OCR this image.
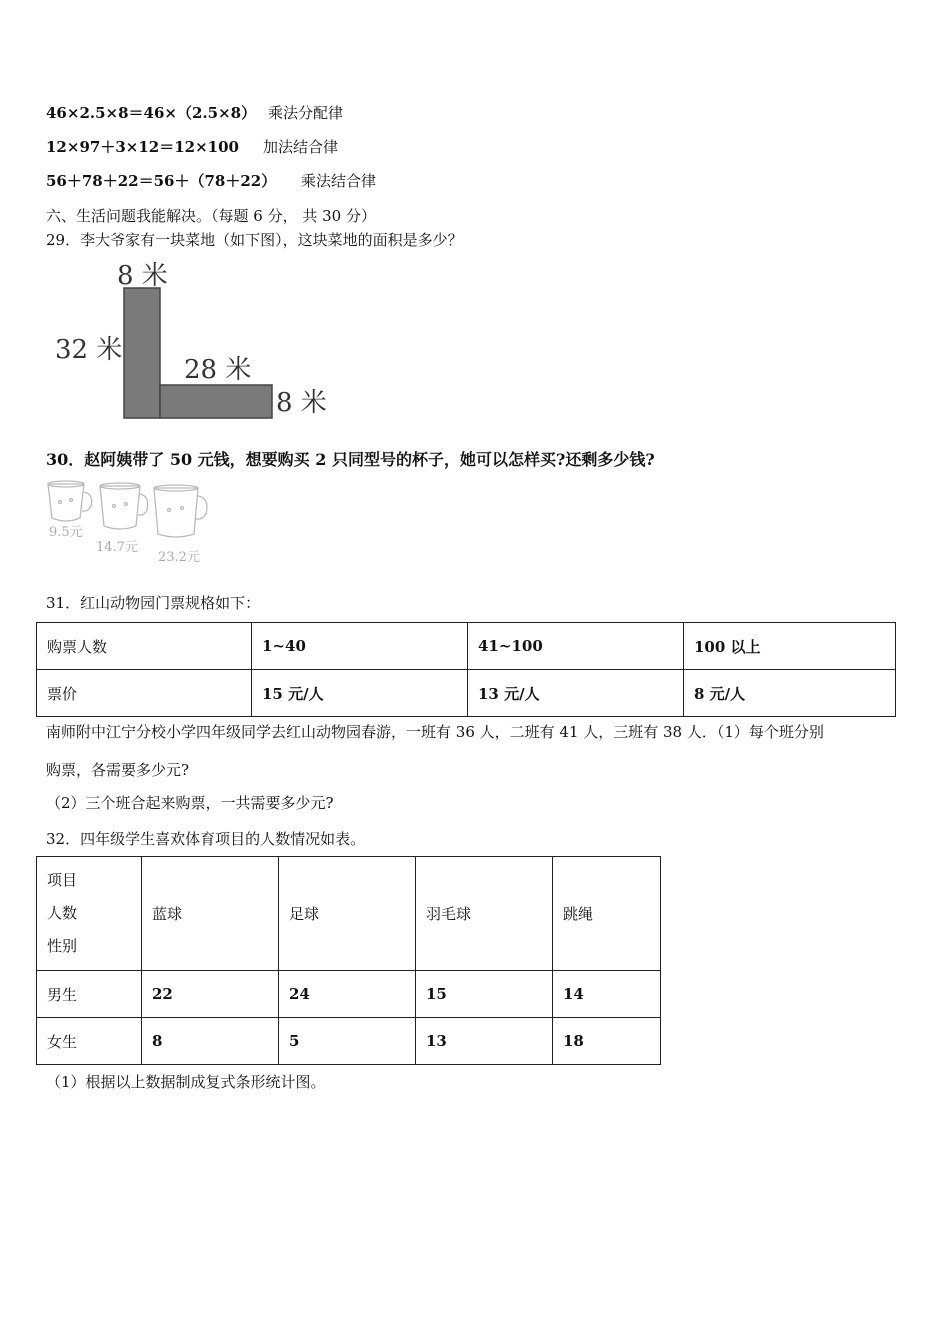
46×2.5×8＝46×（2.5×8） 乘法分配律
12×97＋3×12＝12×100 加法结合律
56＋78＋22＝56＋（78＋22） 乘法结合律
六、生活问题我能解决。（每题 6 分， 共 30 分）
29．李大爷家有一块菜地（如下图），这块菜地的面积是多少？
8 米
32 米
28 米
8 米
30．赵阿姨带了 50 元钱，想要购买 2 只同型号的杯子，她可以怎样买?还剩多少钱?
9.5元
14.7元
23.2元
31．红山动物园门票规格如下：
购票人数	1~40	41~100	100 以上
票价	15 元/人	13 元/人	8 元/人
南师附中江宁分校小学四年级同学去红山动物园春游，一班有 36 人，二班有 41 人，三班有 38 人．（1）每个班分别
购票，各需要多少元?
（2）三个班合起来购票，一共需要多少元?
32．四年级学生喜欢体育项目的人数情况如表。
项目
人数
性别	蓝球	足球	羽毛球	跳绳
男生	22	24	15	14
女生	8	5	13	18
（1）根据以上数据制成复式条形统计图。
